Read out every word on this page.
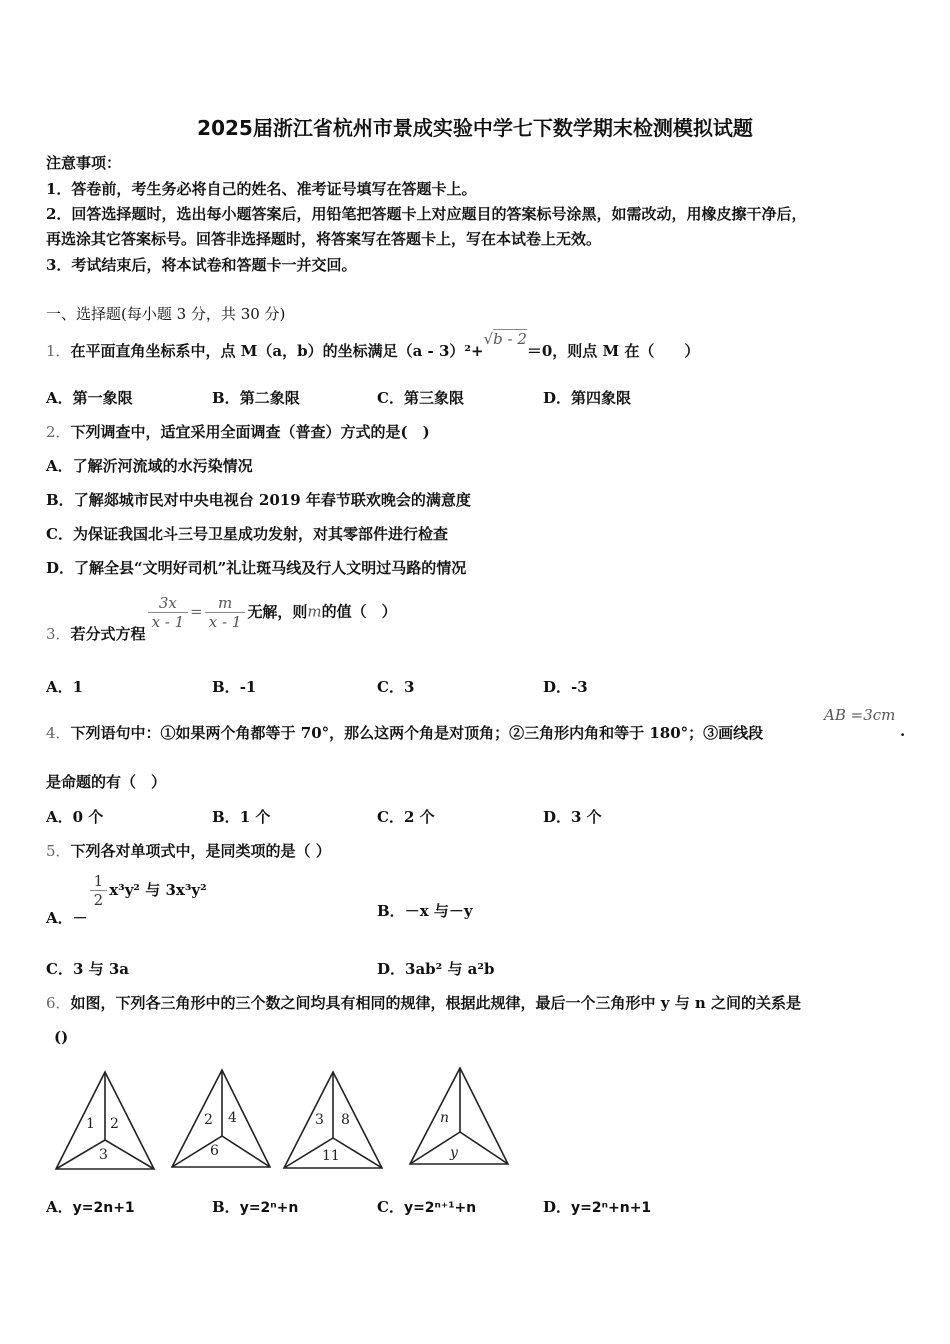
2025届浙江省杭州市景成实验中学七下数学期末检测模拟试题
注意事项：
1．答卷前，考生务必将自己的姓名、准考证号填写在答题卡上。
2．回答选择题时，选出每小题答案后，用铅笔把答题卡上对应题目的答案标号涂黑，如需改动，用橡皮擦干净后，
再选涂其它答案标号。回答非选择题时，将答案写在答题卡上，写在本试卷上无效。
3．考试结束后，将本试卷和答题卡一并交回。
一、选择题(每小题 3 分，共 30 分)
1．在平面直角坐标系中，点 M（a，b）的坐标满足（a - 3）²+√b - 2＝0，则点 M 在（　　）
A．第一象限	B．第二象限	C．第三象限	D．第四象限
2．下列调查中，适宜采用全面调查（普查）方式的是(　)
A．了解沂河流域的水污染情况
B．了解郯城市民对中央电视台 2019 年春节联欢晚会的满意度
C．为保证我国北斗三号卫星成功发射，对其零部件进行检查
D．了解全县“文明好司机”礼让斑马线及行人文明过马路的情况
3．若分式方程
$\frac{3x}{x - 1} = \frac{m}{x - 1}$ 无解，则m的值（　）
A．1	B．-1	C．3	D．-3
4．下列语句中：①如果两个角都等于 70°，那么这两个角是对顶角；②三角形内角和等于 180°；③画线段
AB =3cm
.
是命题的有（　）
A．0 个	B．1 个	C．2 个	D．3 个
5．下列各对单项式中，是同类项的是（ ）
A．－
$\frac{1}{2} x^3y^2$ 与 3x³y²
B．－x 与－y
C．3 与 3a	D．3ab² 与 a²b
6．如图，下列各三角形中的三个数之间均具有相同的规律，根据此规律，最后一个三角形中 y 与 n 之间的关系是
()
1 2
3
2 4
6
3 8
11
n
y
A．y=2n+1	B．y=2ⁿ+n	C．y=2ⁿ⁺¹+n	D．y=2ⁿ+n+1
